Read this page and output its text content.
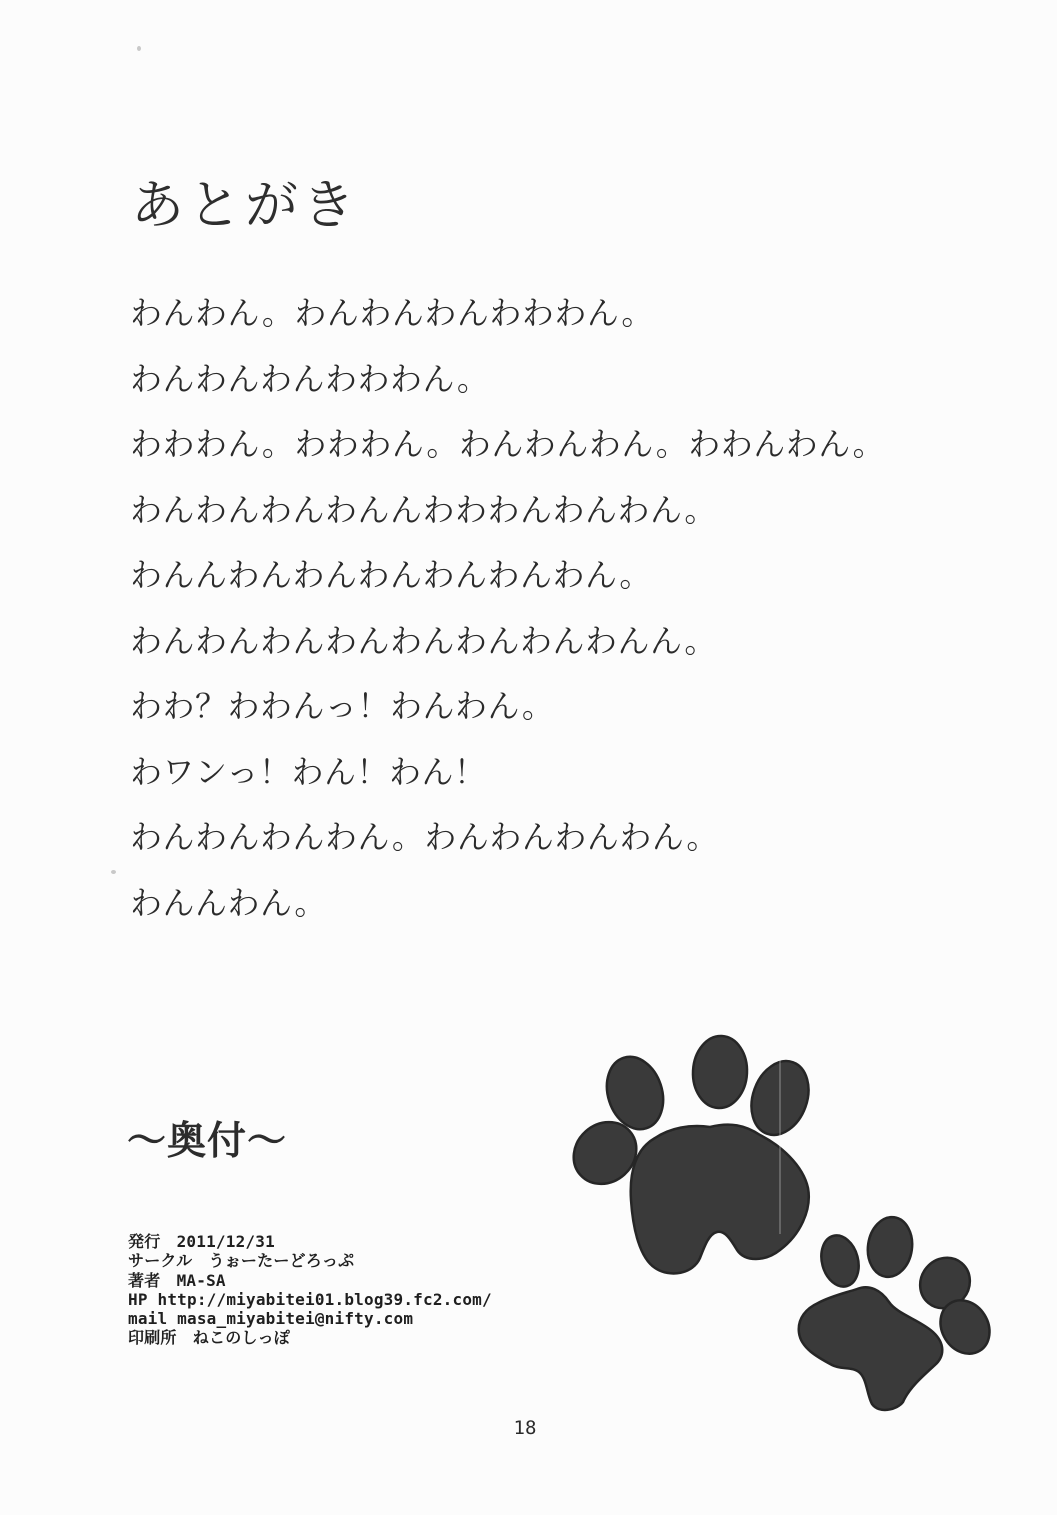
あとがき

わんわん。わんわんわんわわわん。

わんわんわんわわわん。

わわわん。わわわん。わんわんわん。わわんわん。

わんわんわんわんんわわわんわんわん。

わんんわんわんわんわんわんわん。

わんわんわんわんわんわんわんわんん。

わわ？わわんっ！わんわん。

わワンっ！わん！わん！

わんわんわんわん。わんわんわんわん。

わんんわん。

〜奥付〜

発行　2011/12/31

サークル　うぉーたーどろっぷ

著者　MA-SA

HP http://miyabitei01.blog39.fc2.com/

mail masa_miyabitei@nifty.com

印刷所　ねこのしっぽ

18
